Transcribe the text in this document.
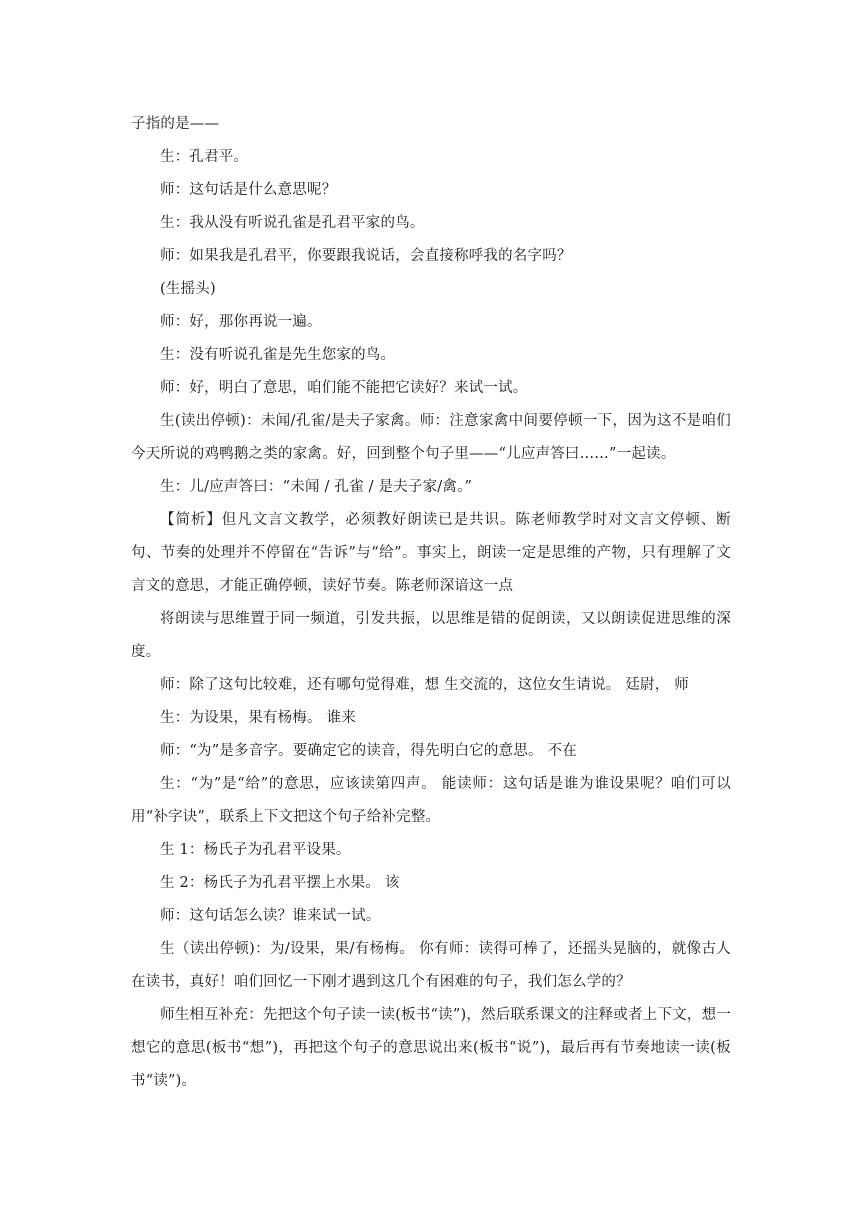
子指的是——

生：孔君平。

师：这句话是什么意思呢？

生：我从没有听说孔雀是孔君平家的鸟。

师：如果我是孔君平，你要跟我说话，会直接称呼我的名字吗？

(生摇头)

师：好，那你再说一遍。

生：没有听说孔雀是先生您家的鸟。

师：好，明白了意思，咱们能不能把它读好？来试一试。

生(读出停顿)：未闻/孔雀/是夫子家禽。师：注意家禽中间要停顿一下，因为这不是咱们今天所说的鸡鸭鹅之类的家禽。好，回到整个句子里——“儿应声答曰……”一起读。

生：儿/应声答曰：“未闻 / 孔雀 / 是夫子家/禽。”

【简析】但凡文言文教学，必须教好朗读已是共识。陈老师教学时对文言文停顿、断句、节奏的处理并不停留在“告诉”与“给”。事实上，朗读一定是思维的产物，只有理解了文言文的意思，才能正确停顿，读好节奏。陈老师深谙这一点

将朗读与思维置于同一频道，引发共振，以思维是错的促朗读，又以朗读促进思维的深度。

师：除了这句比较难，还有哪句觉得难，想 生交流的，这位女生请说。 廷尉， 师

生：为设果，果有杨梅。 谁来

师：“为”是多音字。要确定它的读音，得先明白它的意思。 不在

生：“为”是“给”的意思，应该读第四声。 能读师：这句话是谁为谁设果呢？咱们可以用“补字诀”，联系上下文把这个句子给补完整。

生 1：杨氏子为孔君平设果。

生 2：杨氏子为孔君平摆上水果。 该

师：这句话怎么读？谁来试一试。

生（读出停顿)：为/设果，果/有杨梅。 你有师：读得可棒了，还摇头晃脑的，就像古人在读书，真好！咱们回忆一下刚才遇到这几个有困难的句子，我们怎么学的？

师生相互补充：先把这个句子读一读(板书“读”)，然后联系课文的注释或者上下文，想一想它的意思(板书“想”)，再把这个句子的意思说出来(板书“说”)，最后再有节奏地读一读(板书“读”)。
